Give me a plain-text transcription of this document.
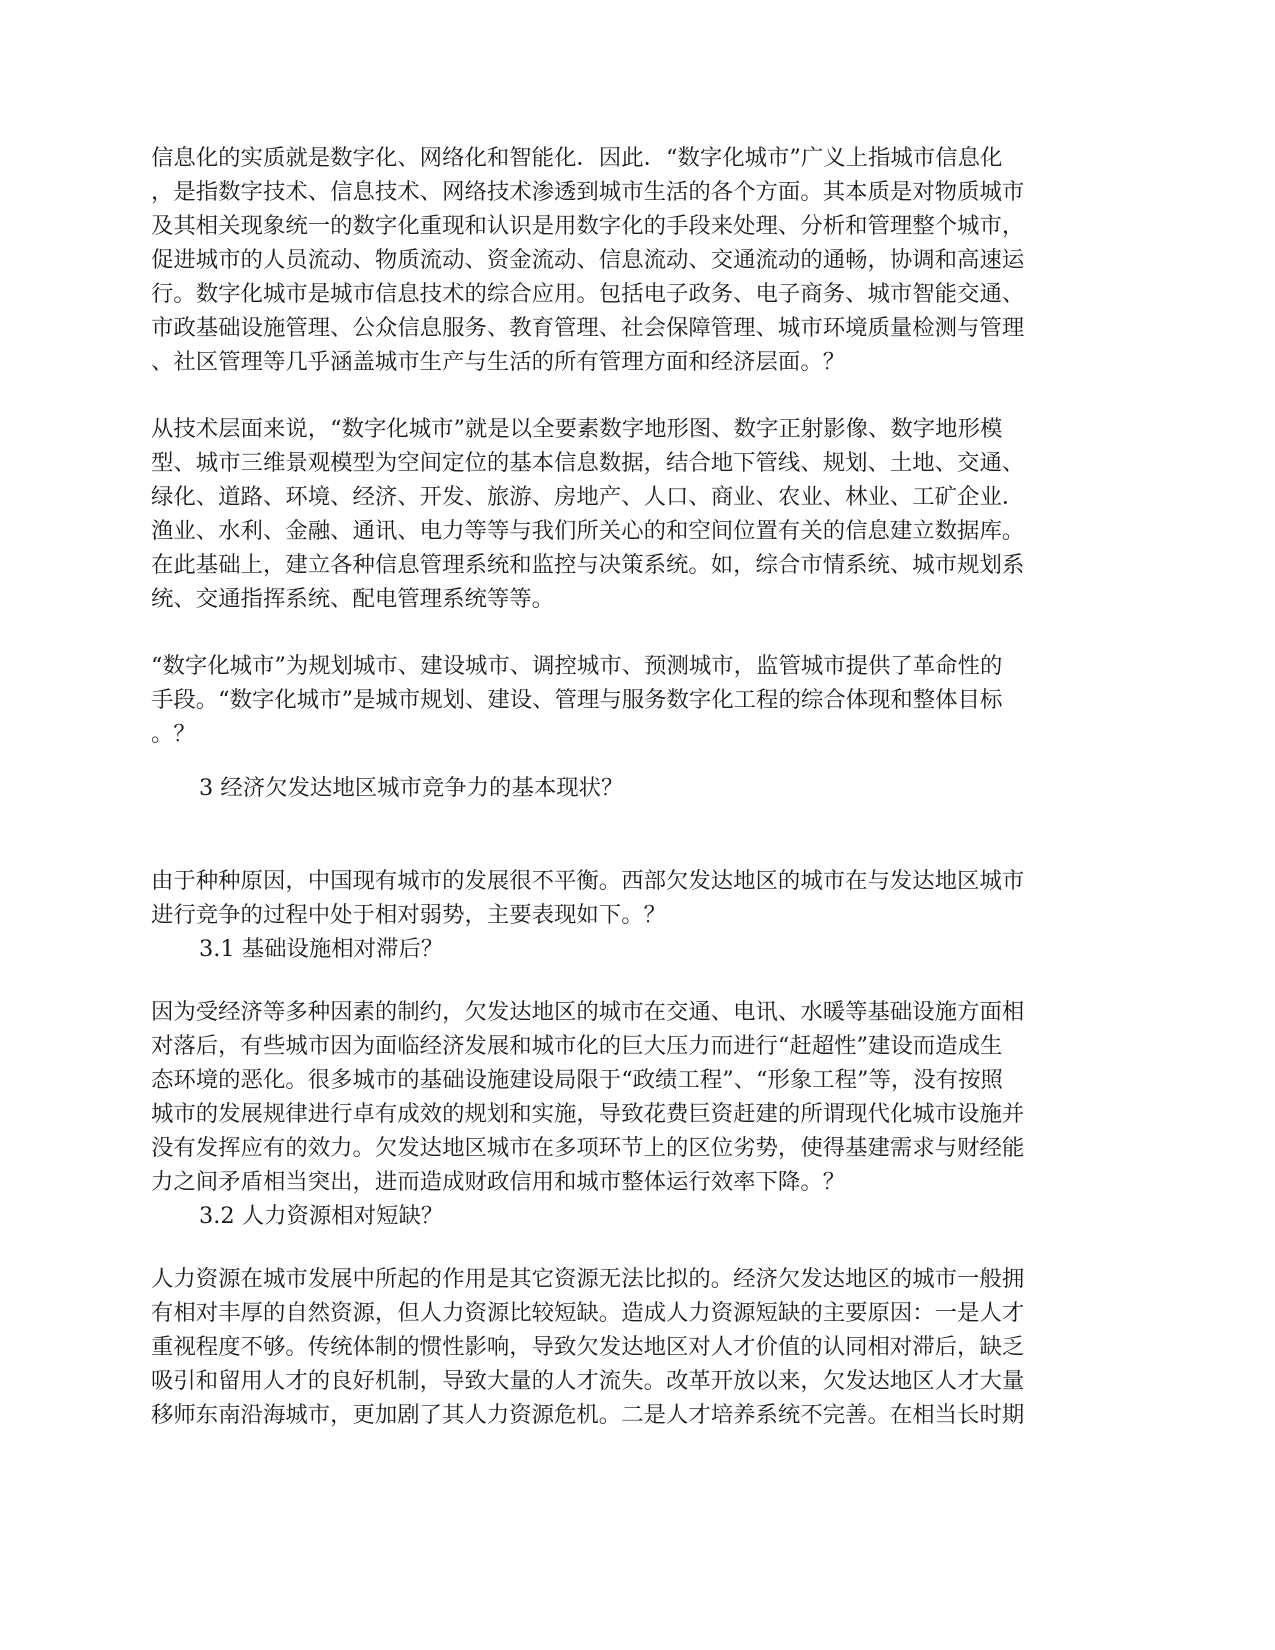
信息化的实质就是数字化、网络化和智能化．因此．“数字化城市”广义上指城市信息化
，是指数字技术、信息技术、网络技术渗透到城市生活的各个方面。其本质是对物质城市
及其相关现象统一的数字化重现和认识是用数字化的手段来处理、分析和管理整个城市，
促进城市的人员流动、物质流动、资金流动、信息流动、交通流动的通畅，协调和高速运
行。数字化城市是城市信息技术的综合应用。包括电子政务、电子商务、城市智能交通、
市政基础设施管理、公众信息服务、教育管理、社会保障管理、城市环境质量检测与管理
、社区管理等几乎涵盖城市生产与生活的所有管理方面和经济层面。？
从技术层面来说，“数字化城市”就是以全要素数字地形图、数字正射影像、数字地形模
型、城市三维景观模型为空间定位的基本信息数据，结合地下管线、规划、土地、交通、
绿化、道路、环境、经济、开发、旅游、房地产、人口、商业、农业、林业、工矿企业．
渔业、水利、金融、通讯、电力等等与我们所关心的和空间位置有关的信息建立数据库。
在此基础上，建立各种信息管理系统和监控与决策系统。如，综合市情系统、城市规划系
统、交通指挥系统、配电管理系统等等。
“数字化城市”为规划城市、建设城市、调控城市、预测城市，监管城市提供了革命性的
手段。“数字化城市”是城市规划、建设、管理与服务数字化工程的综合体现和整体目标
。？
3 经济欠发达地区城市竞争力的基本现状？
由于种种原因，中国现有城市的发展很不平衡。西部欠发达地区的城市在与发达地区城市
进行竞争的过程中处于相对弱势，主要表现如下。？
3.1 基础设施相对滞后？
因为受经济等多种因素的制约，欠发达地区的城市在交通、电讯、水暖等基础设施方面相
对落后，有些城市因为面临经济发展和城市化的巨大压力而进行“赶超性”建设而造成生
态环境的恶化。很多城市的基础设施建设局限于“政绩工程”、“形象工程”等，没有按照
城市的发展规律进行卓有成效的规划和实施，导致花费巨资赶建的所谓现代化城市设施并
没有发挥应有的效力。欠发达地区城市在多项环节上的区位劣势，使得基建需求与财经能
力之间矛盾相当突出，进而造成财政信用和城市整体运行效率下降。？
3.2 人力资源相对短缺？
人力资源在城市发展中所起的作用是其它资源无法比拟的。经济欠发达地区的城市一般拥
有相对丰厚的自然资源，但人力资源比较短缺。造成人力资源短缺的主要原因：一是人才
重视程度不够。传统体制的惯性影响，导致欠发达地区对人才价值的认同相对滞后，缺乏
吸引和留用人才的良好机制，导致大量的人才流失。改革开放以来，欠发达地区人才大量
移师东南沿海城市，更加剧了其人力资源危机。二是人才培养系统不完善。在相当长时期
